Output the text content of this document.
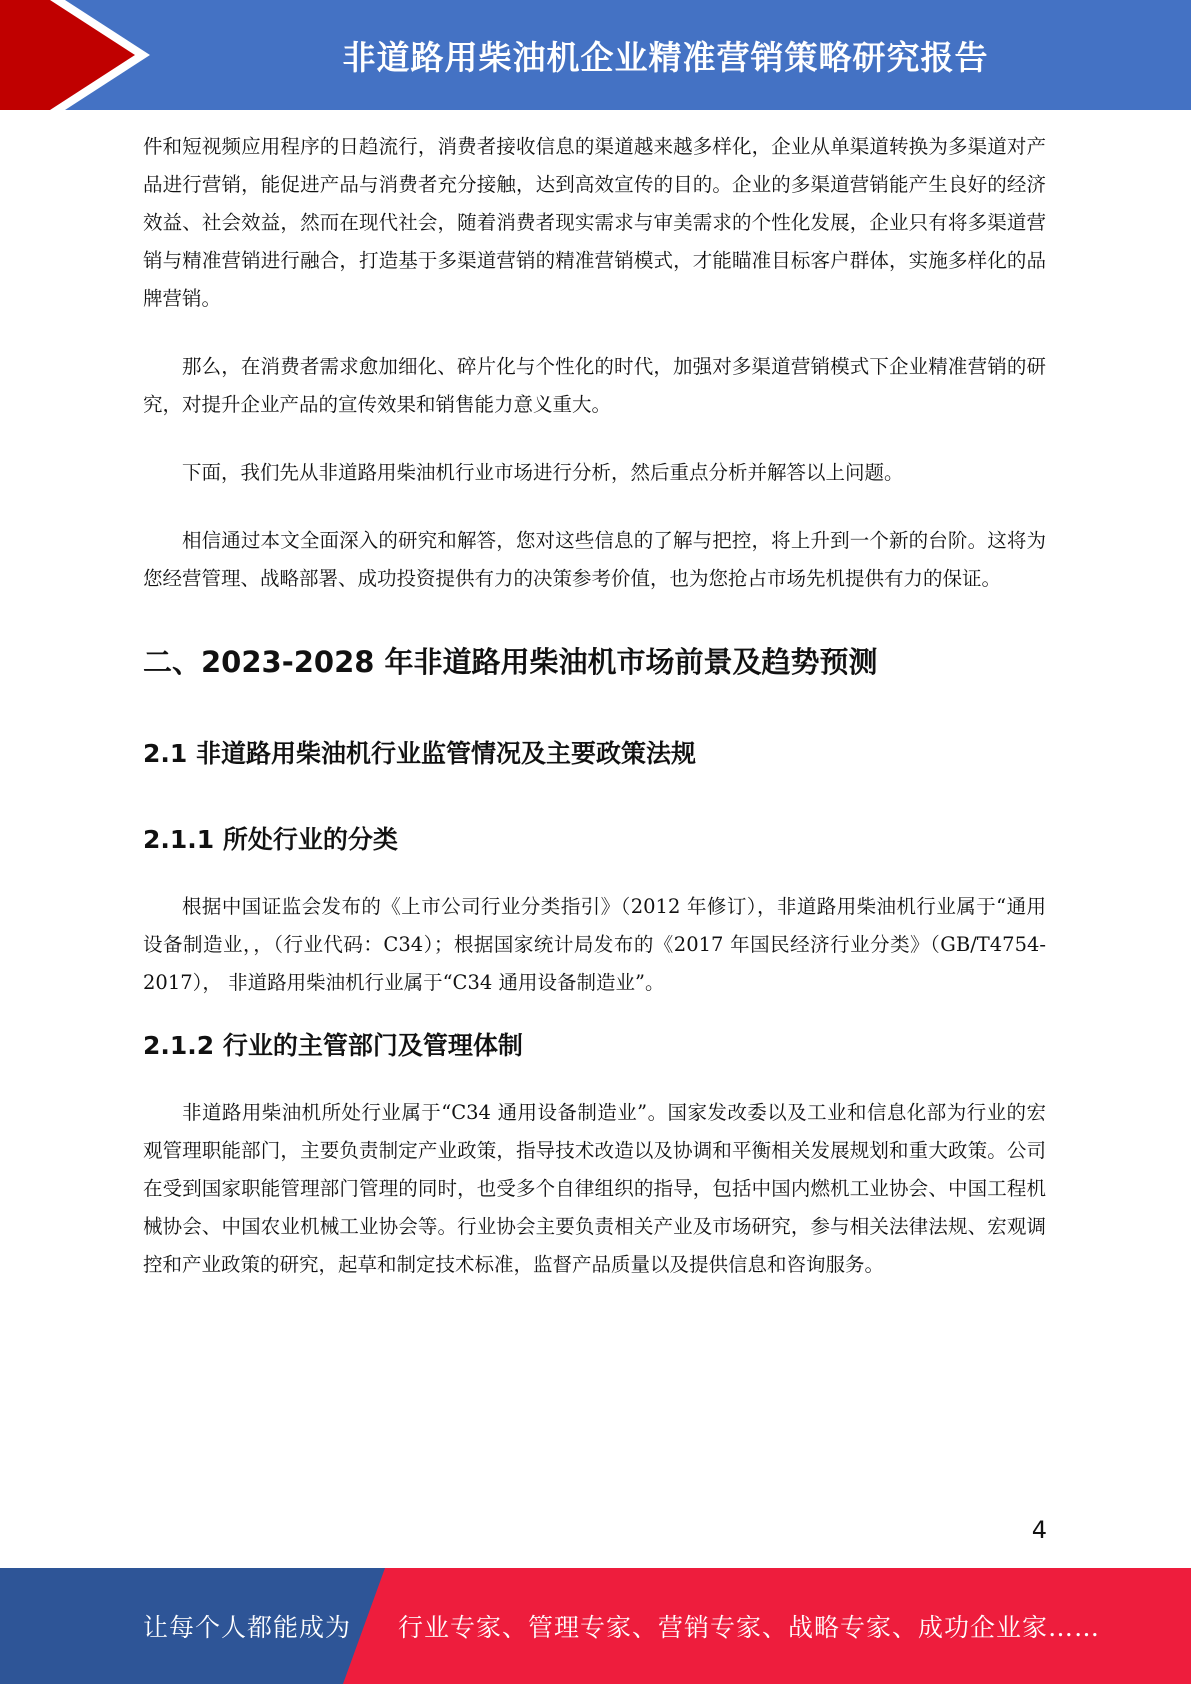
非道路用柴油机企业精准营销策略研究报告

件和短视频应用程序的日趋流行，消费者接收信息的渠道越来越多样化，企业从单渠道转换为多渠道对产品进行营销，能促进产品与消费者充分接触，达到高效宣传的目的。企业的多渠道营销能产生良好的经济效益、社会效益，然而在现代社会，随着消费者现实需求与审美需求的个性化发展，企业只有将多渠道营销与精准营销进行融合，打造基于多渠道营销的精准营销模式，才能瞄准目标客户群体，实施多样化的品牌营销。

那么，在消费者需求愈加细化、碎片化与个性化的时代，加强对多渠道营销模式下企业精准营销的研究，对提升企业产品的宣传效果和销售能力意义重大。

下面，我们先从非道路用柴油机行业市场进行分析，然后重点分析并解答以上问题。

相信通过本文全面深入的研究和解答，您对这些信息的了解与把控，将上升到一个新的台阶。这将为您经营管理、战略部署、成功投资提供有力的决策参考价值，也为您抢占市场先机提供有力的保证。

二、2023-2028 年非道路用柴油机市场前景及趋势预测
2.1 非道路用柴油机行业监管情况及主要政策法规
2.1.1 所处行业的分类

根据中国证监会发布的《上市公司行业分类指引》（2012 年修订），非道路用柴油机行业属于“通用设备制造业，，（行业代码：C34）；根据国家统计局发布的《2017 年国民经济行业分类》（GB/T4754-2017）， 非道路用柴油机行业属于“C34 通用设备制造业”。

2.1.2 行业的主管部门及管理体制

非道路用柴油机所处行业属于“C34 通用设备制造业”。国家发改委以及工业和信息化部为行业的宏观管理职能部门，主要负责制定产业政策，指导技术改造以及协调和平衡相关发展规划和重大政策。公司在受到国家职能管理部门管理的同时，也受多个自律组织的指导，包括中国内燃机工业协会、中国工程机械协会、中国农业机械工业协会等。行业协会主要负责相关产业及市场研究，参与相关法律法规、宏观调控和产业政策的研究，起草和制定技术标准，监督产品质量以及提供信息和咨询服务。

4
让每个人都能成为 行业专家、管理专家、营销专家、战略专家、成功企业家……
